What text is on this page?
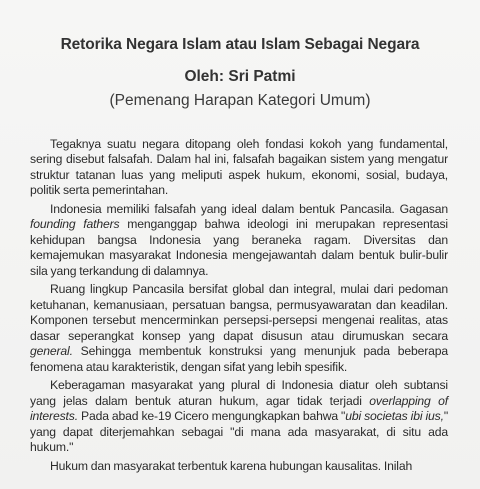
Retorika Negara Islam atau Islam Sebagai Negara
Oleh: Sri Patmi
(Pemenang Harapan Kategori Umum)

Tegaknya suatu negara ditopang oleh fondasi kokoh yang fundamental, sering disebut falsafah. Dalam hal ini, falsafah bagaikan sistem yang mengatur struktur tatanan luas yang meliputi aspek hukum, ekonomi, sosial, budaya, politik serta pemerintahan.

Indonesia memiliki falsafah yang ideal dalam bentuk Pancasila. Gagasan founding fathers menganggap bahwa ideologi ini merupakan representasi kehidupan bangsa Indonesia yang beraneka ragam. Diversitas dan kemajemukan masyarakat Indonesia mengejawantah dalam bentuk bulir-bulir sila yang terkandung di dalamnya.

Ruang lingkup Pancasila bersifat global dan integral, mulai dari pedoman ketuhanan, kemanusiaan, persatuan bangsa, permusyawaratan dan keadilan. Komponen tersebut mencerminkan persepsi-persepsi mengenai realitas, atas dasar seperangkat konsep yang dapat disusun atau dirumuskan secara general. Sehingga membentuk konstruksi yang menunjuk pada beberapa fenomena atau karakteristik, dengan sifat yang lebih spesifik.

Keberagaman masyarakat yang plural di Indonesia diatur oleh subtansi yang jelas dalam bentuk aturan hukum, agar tidak terjadi overlapping of interests. Pada abad ke-19 Cicero mengungkapkan bahwa "ubi societas ibi ius," yang dapat diterjemahkan sebagai "di mana ada masyarakat, di situ ada hukum."

Hukum dan masyarakat terbentuk karena hubungan kausalitas. Inilah
